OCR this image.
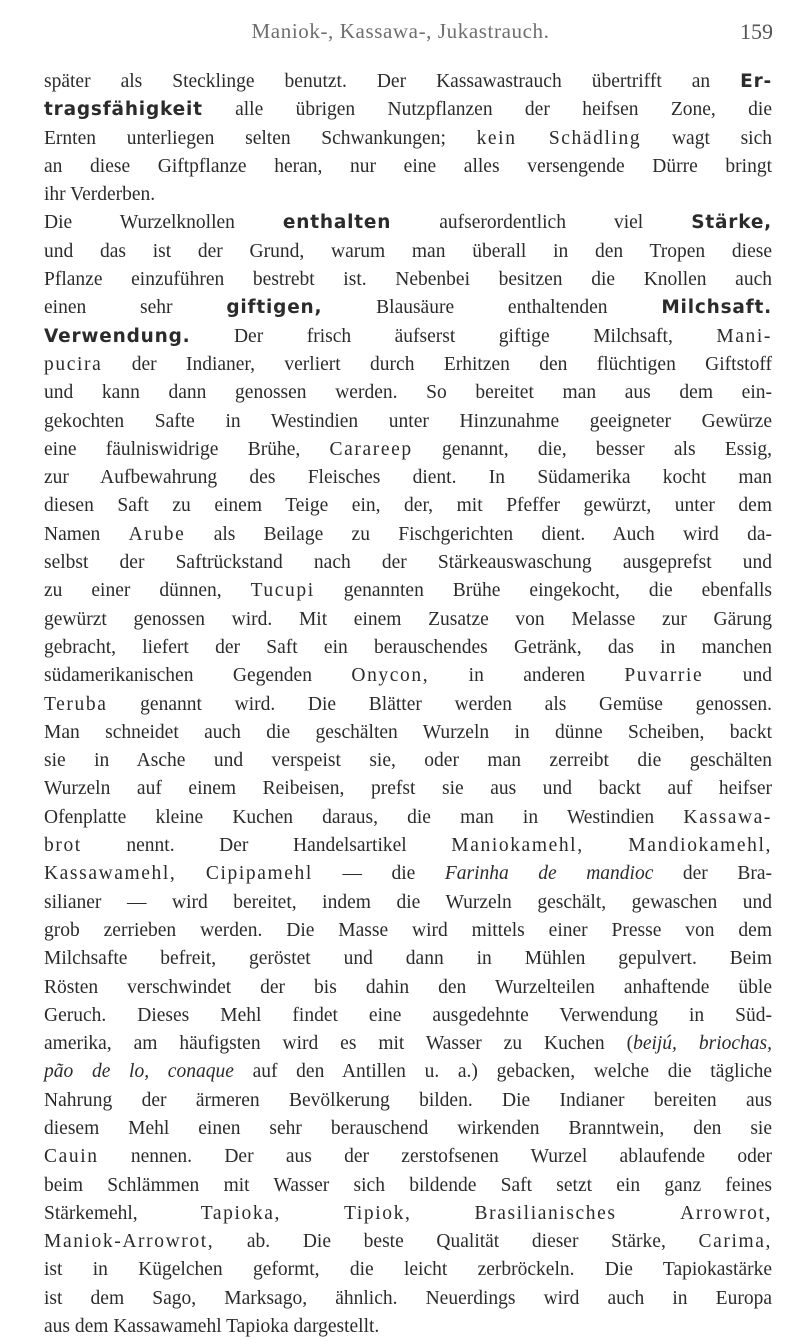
Maniok-, Kassawa-, Jukastrauch.	159
später als Stecklinge benutzt. Der Kassawastrauch übertrifft an Er-
tragsfähigkeit alle übrigen Nutzpflanzen der heifsen Zone, die
Ernten unterliegen selten Schwankungen; kein Schädling wagt sich
an diese Giftpflanze heran, nur eine alles versengende Dürre bringt
ihr Verderben.
Die Wurzelknollen enthalten aufserordentlich viel Stärke,
und das ist der Grund, warum man überall in den Tropen diese
Pflanze einzuführen bestrebt ist. Nebenbei besitzen die Knollen auch
einen sehr giftigen, Blausäure enthaltenden Milchsaft.
Verwendung. Der frisch äufserst giftige Milchsaft, Mani-
pucira der Indianer, verliert durch Erhitzen den flüchtigen Giftstoff
und kann dann genossen werden. So bereitet man aus dem ein-
gekochten Safte in Westindien unter Hinzunahme geeigneter Gewürze
eine fäulniswidrige Brühe, Carareep genannt, die, besser als Essig,
zur Aufbewahrung des Fleisches dient. In Südamerika kocht man
diesen Saft zu einem Teige ein, der, mit Pfeffer gewürzt, unter dem
Namen Arube als Beilage zu Fischgerichten dient. Auch wird da-
selbst der Saftrückstand nach der Stärkeauswaschung ausgeprefst und
zu einer dünnen, Tucupi genannten Brühe eingekocht, die ebenfalls
gewürzt genossen wird. Mit einem Zusatze von Melasse zur Gärung
gebracht, liefert der Saft ein berauschendes Getränk, das in manchen
südamerikanischen Gegenden Onycon, in anderen Puvarrie und
Teruba genannt wird. Die Blätter werden als Gemüse genossen.
Man schneidet auch die geschälten Wurzeln in dünne Scheiben, backt
sie in Asche und verspeist sie, oder man zerreibt die geschälten
Wurzeln auf einem Reibeisen, prefst sie aus und backt auf heifser
Ofenplatte kleine Kuchen daraus, die man in Westindien Kassawa-
brot nennt. Der Handelsartikel Maniokamehl, Mandiokamehl,
Kassawamehl, Cipipamehl — die Farinha de mandioc der Bra-
silianer — wird bereitet, indem die Wurzeln geschält, gewaschen und
grob zerrieben werden. Die Masse wird mittels einer Presse von dem
Milchsafte befreit, geröstet und dann in Mühlen gepulvert. Beim
Rösten verschwindet der bis dahin den Wurzelteilen anhaftende üble
Geruch. Dieses Mehl findet eine ausgedehnte Verwendung in Süd-
amerika, am häufigsten wird es mit Wasser zu Kuchen (beijú, briochas,
pão de lo, conaque auf den Antillen u. a.) gebacken, welche die tägliche
Nahrung der ärmeren Bevölkerung bilden. Die Indianer bereiten aus
diesem Mehl einen sehr berauschend wirkenden Branntwein, den sie
Cauin nennen. Der aus der zerstofsenen Wurzel ablaufende oder
beim Schlämmen mit Wasser sich bildende Saft setzt ein ganz feines
Stärkemehl, Tapioka,	Tipiok,	Brasilianisches Arrowrot,
Maniok-Arrowrot, ab. Die beste Qualität dieser Stärke, Carima,
ist in Kügelchen geformt, die leicht zerbröckeln. Die Tapiokastärke
ist dem Sago, Marksago, ähnlich. Neuerdings wird auch in Europa
aus dem Kassawamehl Tapioka dargestellt.
